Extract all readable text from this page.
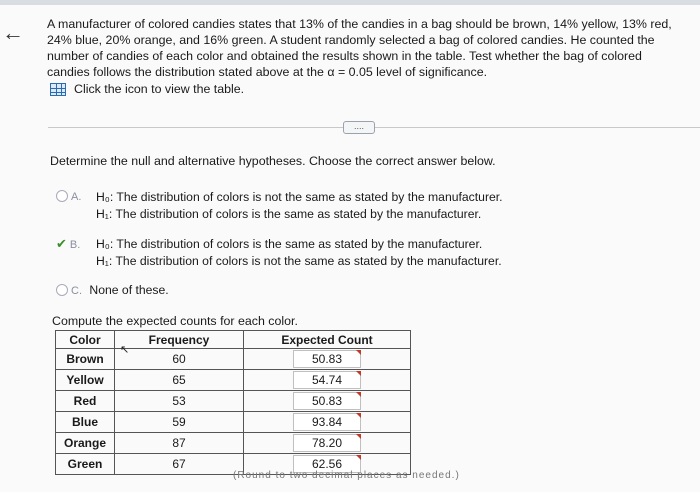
← A manufacturer of colored candies states that 13% of the candies in a bag should be brown, 14% yellow, 13% red, 24% blue, 20% orange, and 16% green. A student randomly selected a bag of colored candies. He counted the number of candies of each color and obtained the results shown in the table. Test whether the bag of colored candies follows the distribution stated above at the α = 0.05 level of significance.
Click the icon to view the table.
....
Determine the null and alternative hypotheses. Choose the correct answer below.
A. H₀: The distribution of colors is not the same as stated by the manufacturer.
H₁: The distribution of colors is the same as stated by the manufacturer.
✔ B. H₀: The distribution of colors is the same as stated by the manufacturer.
H₁: The distribution of colors is not the same as stated by the manufacturer.
C. None of these.
Compute the expected counts for each color.
Color	Frequency	Expected Count
Brown	60	50.83
Yellow	65	54.74
Red	53	50.83
Blue	59	93.84
Orange	87	78.20
Green	67	62.56
↖
(Round to two decimal places as needed.)
